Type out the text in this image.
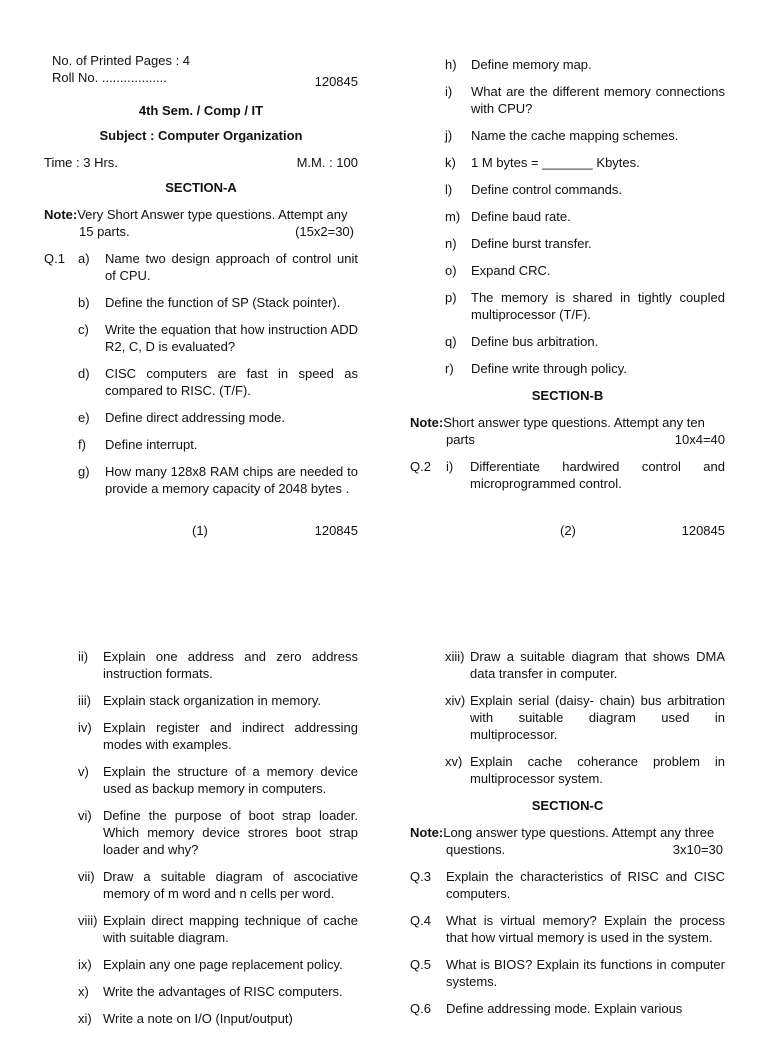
No. of Printed Pages : 4
Roll No. ..................	120845
4th Sem. / Comp / IT
Subject : Computer Organization
Time : 3 Hrs.	M.M. : 100
SECTION-A
Note: Very Short Answer type questions. Attempt any
15 parts.	(15x2=30)
Q.1	a)	Name two design approach of control unit of CPU.
b)	Define the function of SP (Stack pointer).
c)	Write the equation that how instruction ADD R2, C, D is evaluated?
d)	CISC computers are fast in speed as compared to RISC. (T/F).
e)	Define direct addressing mode.
f)	Define interrupt.
g)	How many 128x8 RAM chips are needed to provide a memory capacity of 2048 bytes .
(1)	120845
h)	Define memory map.
i)	What are the different memory connections with CPU?
j)	Name the cache mapping schemes.
k)	1 M bytes = _______ Kbytes.
l)	Define control commands.
m) Define baud rate.
n)	Define burst transfer.
o)	Expand CRC.
p)	The memory is shared in tightly coupled multiprocessor (T/F).
q)	Define bus arbitration.
r)	Define write through policy.
SECTION-B
Note: Short answer type questions. Attempt any ten
parts	10x4=40
Q.2	i)	Differentiate hardwired control and microprogrammed control.
(2)	120845
ii)	Explain one address and zero address instruction formats.
iii) Explain stack organization in memory.
iv) Explain register and indirect addressing modes with examples.
v)	Explain the structure of a memory device used as backup memory in computers.
vi) Define the purpose of boot strap loader. Which memory device strores boot strap loader and why?
vii) Draw a suitable diagram of ascociative memory of m word and n cells per word.
viii) Explain direct mapping technique of cache with suitable diagram.
ix) Explain any one page replacement policy.
x)	Write the advantages of RISC computers.
xi) Write a note on I/O (Input/output)
xiii) Draw a suitable diagram that shows DMA data transfer in computer.
xiv) Explain serial (daisy- chain) bus arbitration with suitable diagram used in multiprocessor.
xv) Explain cache coherance problem in multiprocessor system.
SECTION-C
Note: Long answer type questions. Attempt any three
questions.	3x10=30
Q.3	Explain the characteristics of RISC and CISC computers.
Q.4	What is virtual memory? Explain the process that how virtual memory is used in the system.
Q.5	What is BIOS? Explain its functions in computer systems.
Q.6	Define addressing mode. Explain various
